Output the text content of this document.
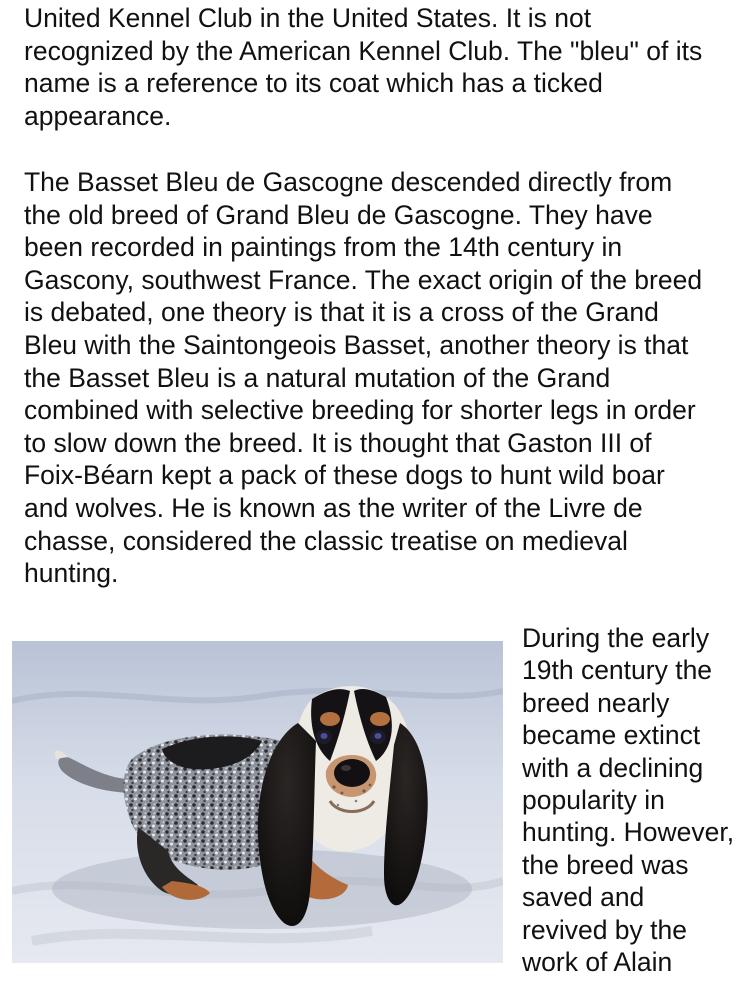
United Kennel Club in the United States. It is not
recognized by the American Kennel Club. The "bleu" of its
name is a reference to its coat which has a ticked
appearance.

The Basset Bleu de Gascogne descended directly from
the old breed of Grand Bleu de Gascogne. They have
been recorded in paintings from the 14th century in
Gascony, southwest France. The exact origin of the breed
is debated, one theory is that it is a cross of the Grand
Bleu with the Saintongeois Basset, another theory is that
the Basset Bleu is a natural mutation of the Grand
combined with selective breeding for shorter legs in order
to slow down the breed. It is thought that Gaston III of
Foix-Béarn kept a pack of these dogs to hunt wild boar
and wolves. He is known as the writer of the Livre de
chasse, considered the classic treatise on medieval
hunting.

During the early
19th century the
breed nearly
became extinct
with a declining
popularity in
hunting. However,
the breed was
saved and
revived by the
work of Alain
